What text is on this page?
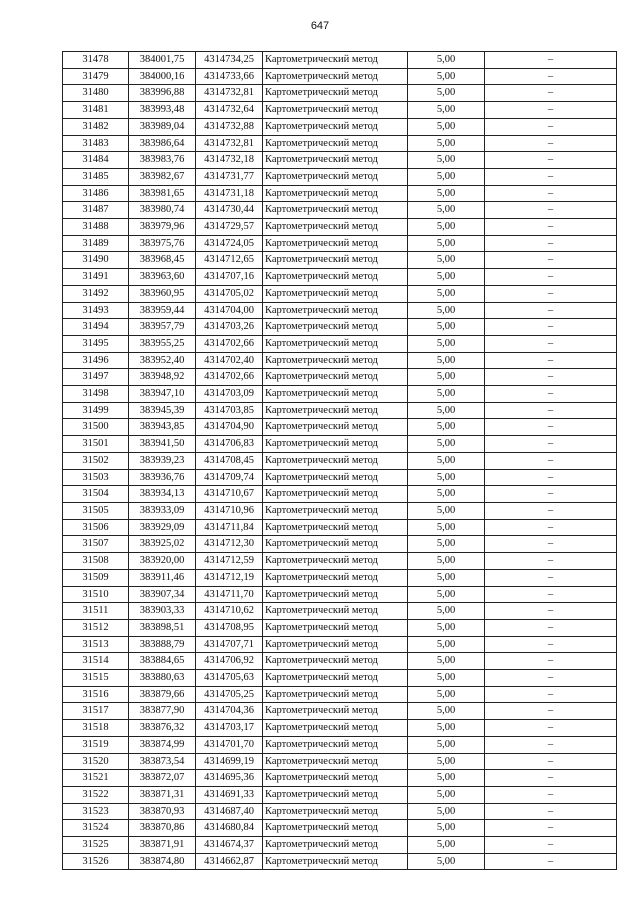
647
31478	384001,75	4314734,25	Картометрический метод	5,00	–
31479	384000,16	4314733,66	Картометрический метод	5,00	–
31480	383996,88	4314732,81	Картометрический метод	5,00	–
31481	383993,48	4314732,64	Картометрический метод	5,00	–
31482	383989,04	4314732,88	Картометрический метод	5,00	–
31483	383986,64	4314732,81	Картометрический метод	5,00	–
31484	383983,76	4314732,18	Картометрический метод	5,00	–
31485	383982,67	4314731,77	Картометрический метод	5,00	–
31486	383981,65	4314731,18	Картометрический метод	5,00	–
31487	383980,74	4314730,44	Картометрический метод	5,00	–
31488	383979,96	4314729,57	Картометрический метод	5,00	–
31489	383975,76	4314724,05	Картометрический метод	5,00	–
31490	383968,45	4314712,65	Картометрический метод	5,00	–
31491	383963,60	4314707,16	Картометрический метод	5,00	–
31492	383960,95	4314705,02	Картометрический метод	5,00	–
31493	383959,44	4314704,00	Картометрический метод	5,00	–
31494	383957,79	4314703,26	Картометрический метод	5,00	–
31495	383955,25	4314702,66	Картометрический метод	5,00	–
31496	383952,40	4314702,40	Картометрический метод	5,00	–
31497	383948,92	4314702,66	Картометрический метод	5,00	–
31498	383947,10	4314703,09	Картометрический метод	5,00	–
31499	383945,39	4314703,85	Картометрический метод	5,00	–
31500	383943,85	4314704,90	Картометрический метод	5,00	–
31501	383941,50	4314706,83	Картометрический метод	5,00	–
31502	383939,23	4314708,45	Картометрический метод	5,00	–
31503	383936,76	4314709,74	Картометрический метод	5,00	–
31504	383934,13	4314710,67	Картометрический метод	5,00	–
31505	383933,09	4314710,96	Картометрический метод	5,00	–
31506	383929,09	4314711,84	Картометрический метод	5,00	–
31507	383925,02	4314712,30	Картометрический метод	5,00	–
31508	383920,00	4314712,59	Картометрический метод	5,00	–
31509	383911,46	4314712,19	Картометрический метод	5,00	–
31510	383907,34	4314711,70	Картометрический метод	5,00	–
31511	383903,33	4314710,62	Картометрический метод	5,00	–
31512	383898,51	4314708,95	Картометрический метод	5,00	–
31513	383888,79	4314707,71	Картометрический метод	5,00	–
31514	383884,65	4314706,92	Картометрический метод	5,00	–
31515	383880,63	4314705,63	Картометрический метод	5,00	–
31516	383879,66	4314705,25	Картометрический метод	5,00	–
31517	383877,90	4314704,36	Картометрический метод	5,00	–
31518	383876,32	4314703,17	Картометрический метод	5,00	–
31519	383874,99	4314701,70	Картометрический метод	5,00	–
31520	383873,54	4314699,19	Картометрический метод	5,00	–
31521	383872,07	4314695,36	Картометрический метод	5,00	–
31522	383871,31	4314691,33	Картометрический метод	5,00	–
31523	383870,93	4314687,40	Картометрический метод	5,00	–
31524	383870,86	4314680,84	Картометрический метод	5,00	–
31525	383871,91	4314674,37	Картометрический метод	5,00	–
31526	383874,80	4314662,87	Картометрический метод	5,00	–
